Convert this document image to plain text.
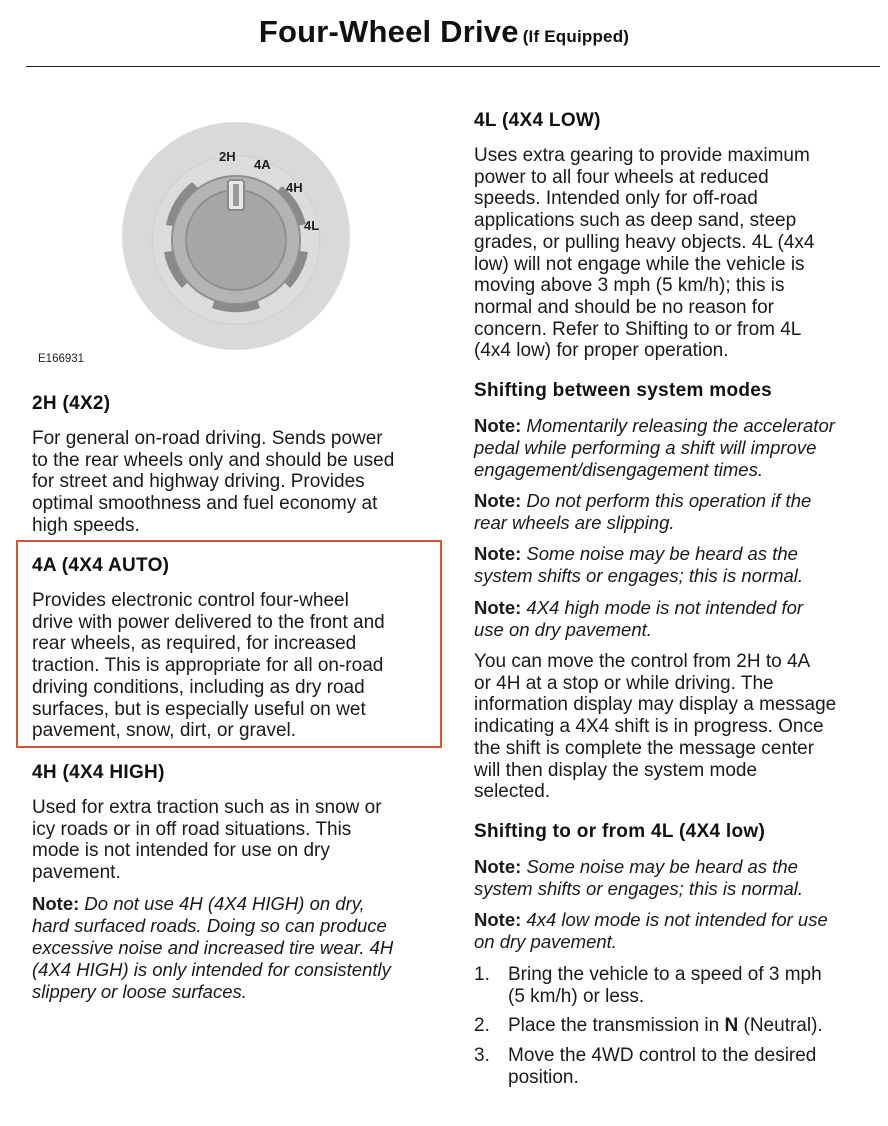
Four-Wheel Drive (If Equipped)
2H
4A
4H
4L
E166931
2H (4X2)
For general on-road driving. Sends power
to the rear wheels only and should be used
for street and highway driving. Provides
optimal smoothness and fuel economy at
high speeds.
4A (4X4 AUTO)
Provides electronic control four-wheel
drive with power delivered to the front and
rear wheels, as required, for increased
traction. This is appropriate for all on-road
driving conditions, including as dry road
surfaces, but is especially useful on wet
pavement, snow, dirt, or gravel.
4H (4X4 HIGH)
Used for extra traction such as in snow or
icy roads or in off road situations. This
mode is not intended for use on dry
pavement.
Note: Do not use 4H (4X4 HIGH) on dry,
hard surfaced roads. Doing so can produce
excessive noise and increased tire wear. 4H
(4X4 HIGH) is only intended for consistently
slippery or loose surfaces.
4L (4X4 LOW)
Uses extra gearing to provide maximum
power to all four wheels at reduced
speeds. Intended only for off-road
applications such as deep sand, steep
grades, or pulling heavy objects. 4L (4x4
low) will not engage while the vehicle is
moving above 3 mph (5 km/h); this is
normal and should be no reason for
concern. Refer to Shifting to or from 4L
(4x4 low) for proper operation.
Shifting between system modes
Note: Momentarily releasing the accelerator
pedal while performing a shift will improve
engagement/disengagement times.
Note: Do not perform this operation if the
rear wheels are slipping.
Note: Some noise may be heard as the
system shifts or engages; this is normal.
Note: 4X4 high mode is not intended for
use on dry pavement.
You can move the control from 2H to 4A
or 4H at a stop or while driving. The
information display may display a message
indicating a 4X4 shift is in progress. Once
the shift is complete the message center
will then display the system mode
selected.
Shifting to or from 4L (4X4 low)
Note: Some noise may be heard as the
system shifts or engages; this is normal.
Note: 4x4 low mode is not intended for use
on dry pavement.
1. Bring the vehicle to a speed of 3 mph
(5 km/h) or less.
2. Place the transmission in N (Neutral).
3. Move the 4WD control to the desired
position.
